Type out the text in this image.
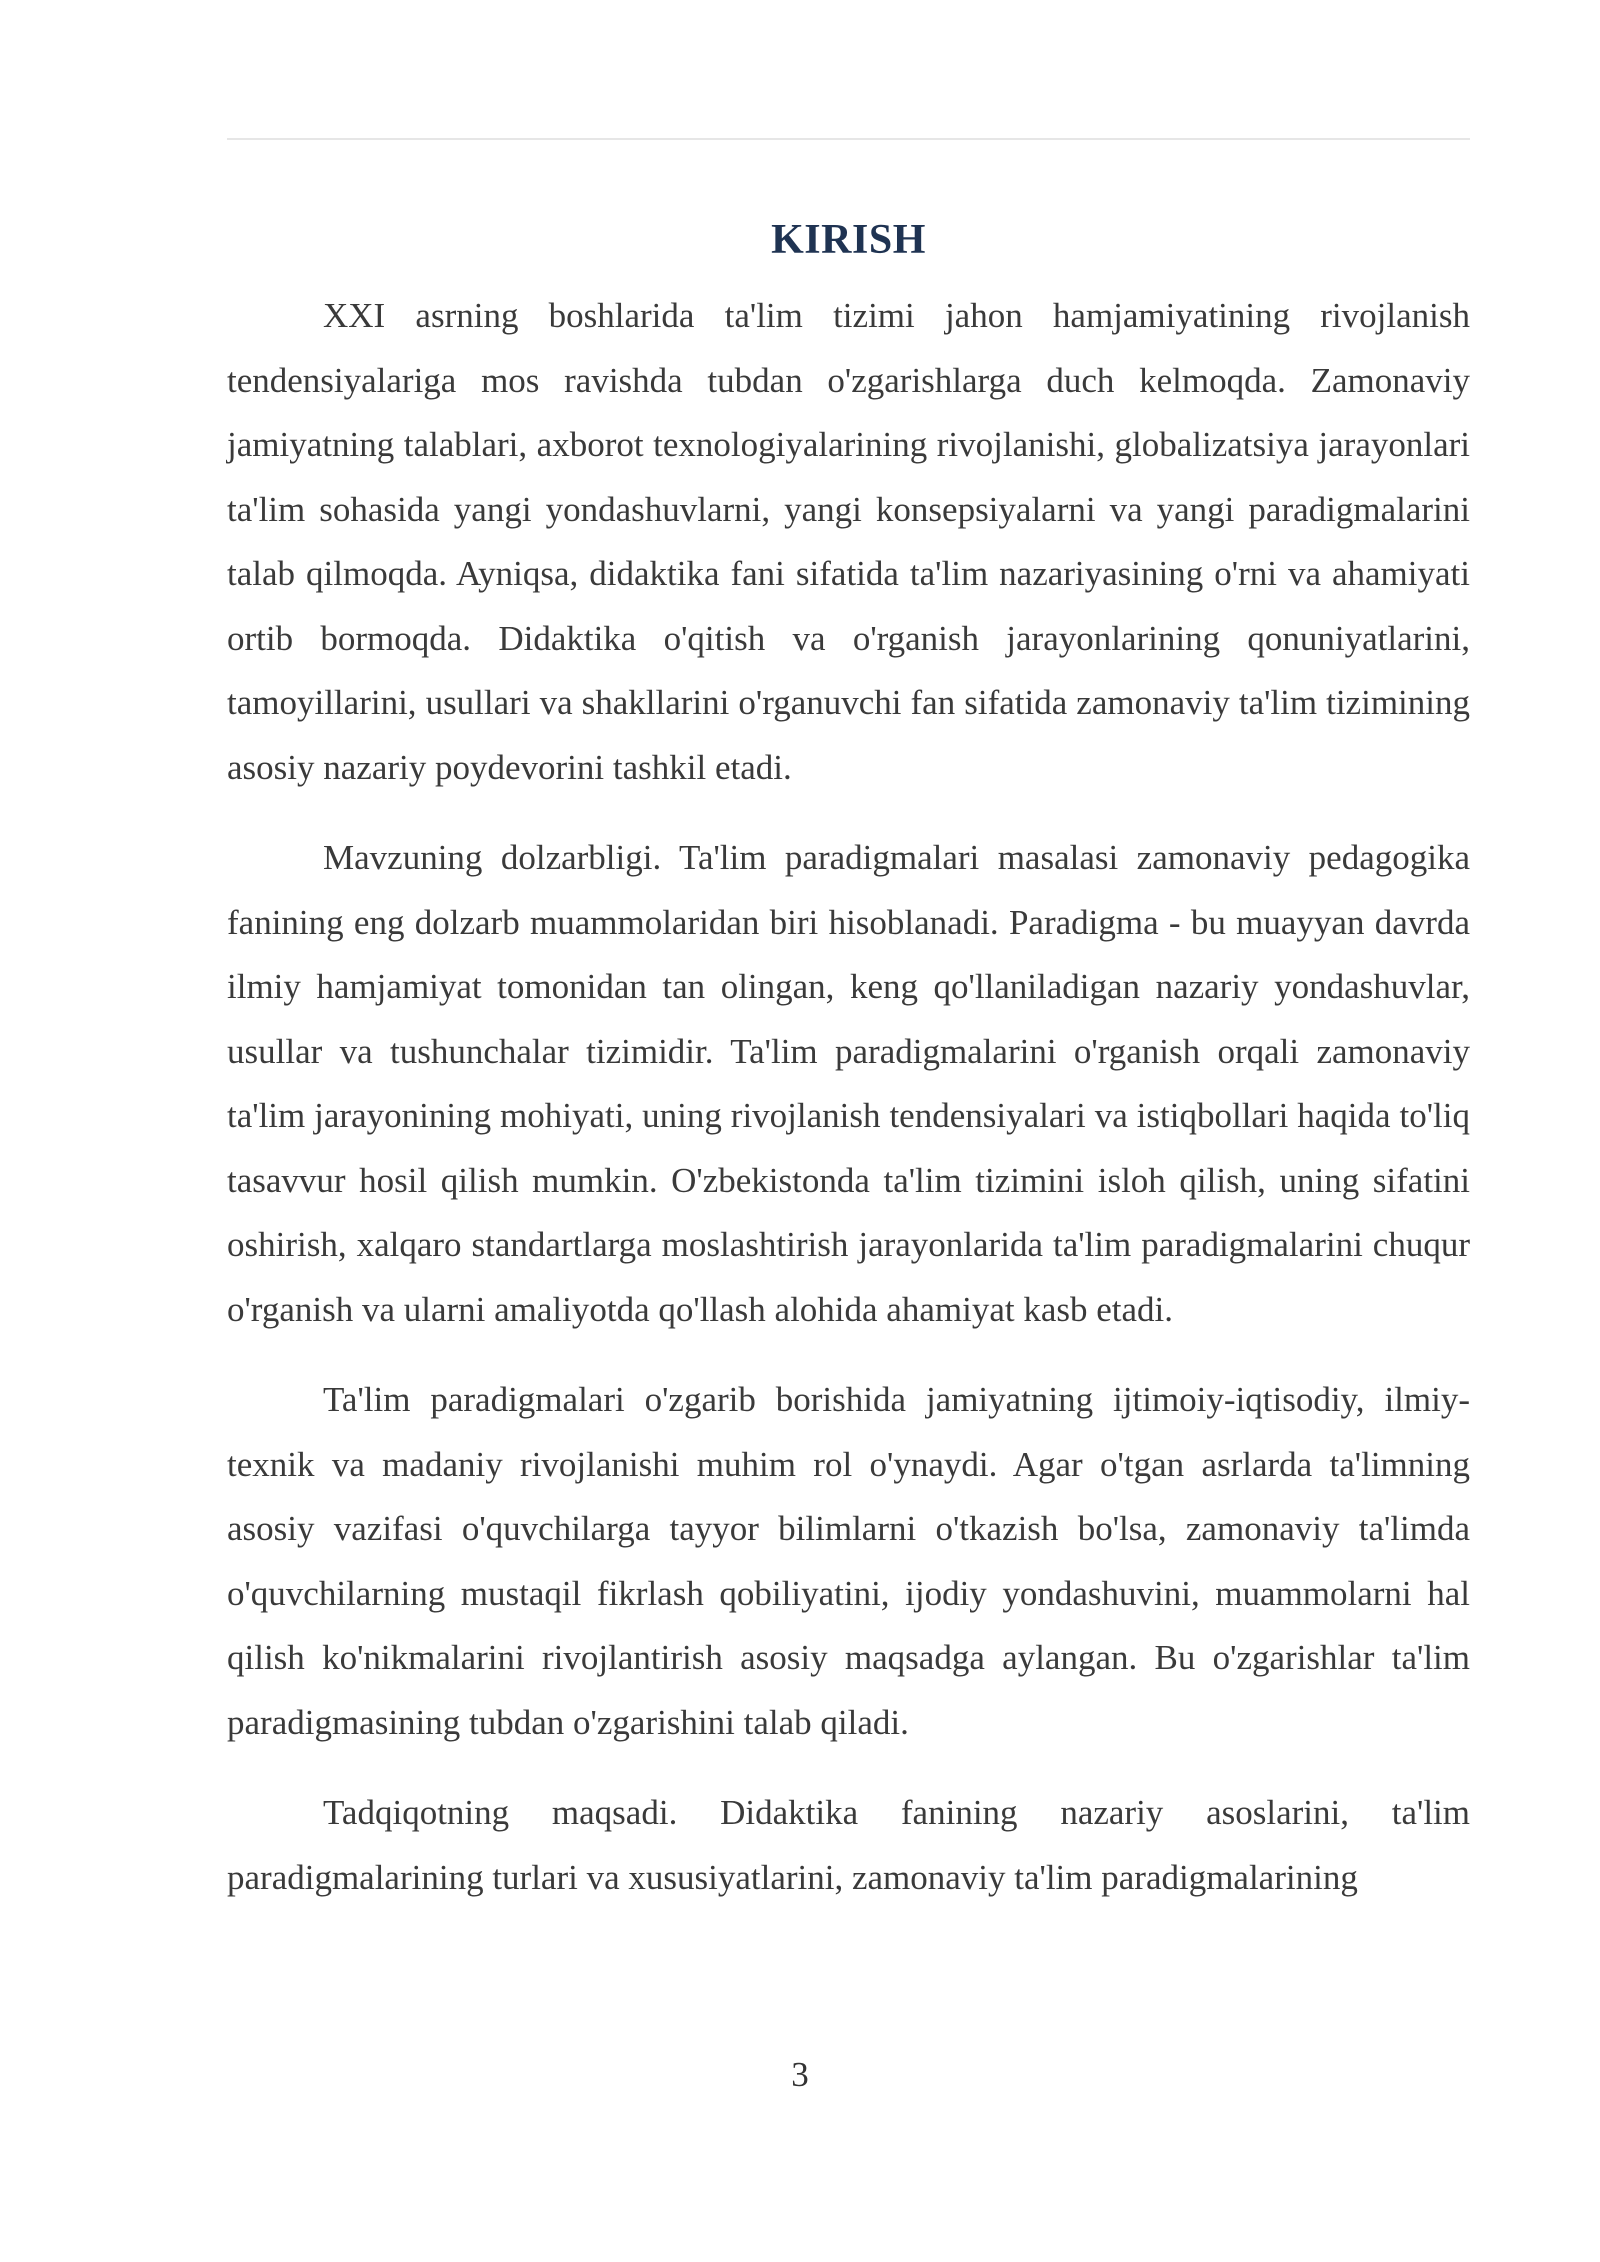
KIRISH

XXI asrning boshlarida ta'lim tizimi jahon hamjamiyatining rivojlanish tendensiyalariga mos ravishda tubdan o'zgarishlarga duch kelmoqda. Zamonaviy jamiyatning talablari, axborot texnologiyalarining rivojlanishi, globalizatsiya jarayonlari ta'lim sohasida yangi yondashuvlarni, yangi konsepsiyalarni va yangi paradigmalarini talab qilmoqda. Ayniqsa, didaktika fani sifatida ta'lim nazariyasining o'rni va ahamiyati ortib bormoqda. Didaktika o'qitish va o'rganish jarayonlarining qonuniyatlarini, tamoyillarini, usullari va shakllarini o'rganuvchi fan sifatida zamonaviy ta'lim tizimining asosiy nazariy poydevorini tashkil etadi.

Mavzuning dolzarbligi. Ta'lim paradigmalari masalasi zamonaviy pedagogika fanining eng dolzarb muammolaridan biri hisoblanadi. Paradigma - bu muayyan davrda ilmiy hamjamiyat tomonidan tan olingan, keng qo'llaniladigan nazariy yondashuvlar, usullar va tushunchalar tizimidir. Ta'lim paradigmalarini o'rganish orqali zamonaviy ta'lim jarayonining mohiyati, uning rivojlanish tendensiyalari va istiqbollari haqida to'liq tasavvur hosil qilish mumkin. O'zbekistonda ta'lim tizimini isloh qilish, uning sifatini oshirish, xalqaro standartlarga moslashtirish jarayonlarida ta'lim paradigmalarini chuqur o'rganish va ularni amaliyotda qo'llash alohida ahamiyat kasb etadi.

Ta'lim paradigmalari o'zgarib borishida jamiyatning ijtimoiy-iqtisodiy, ilmiy-texnik va madaniy rivojlanishi muhim rol o'ynaydi. Agar o'tgan asrlarda ta'limning asosiy vazifasi o'quvchilarga tayyor bilimlarni o'tkazish bo'lsa, zamonaviy ta'limda o'quvchilarning mustaqil fikrlash qobiliyatini, ijodiy yondashuvini, muammolarni hal qilish ko'nikmalarini rivojlantirish asosiy maqsadga aylangan. Bu o'zgarishlar ta'lim paradigmasining tubdan o'zgarishini talab qiladi.

Tadqiqotning maqsadi. Didaktika fanining nazariy asoslarini, ta'lim paradigmalarining turlari va xususiyatlarini, zamonaviy ta'lim paradigmalarining

3
